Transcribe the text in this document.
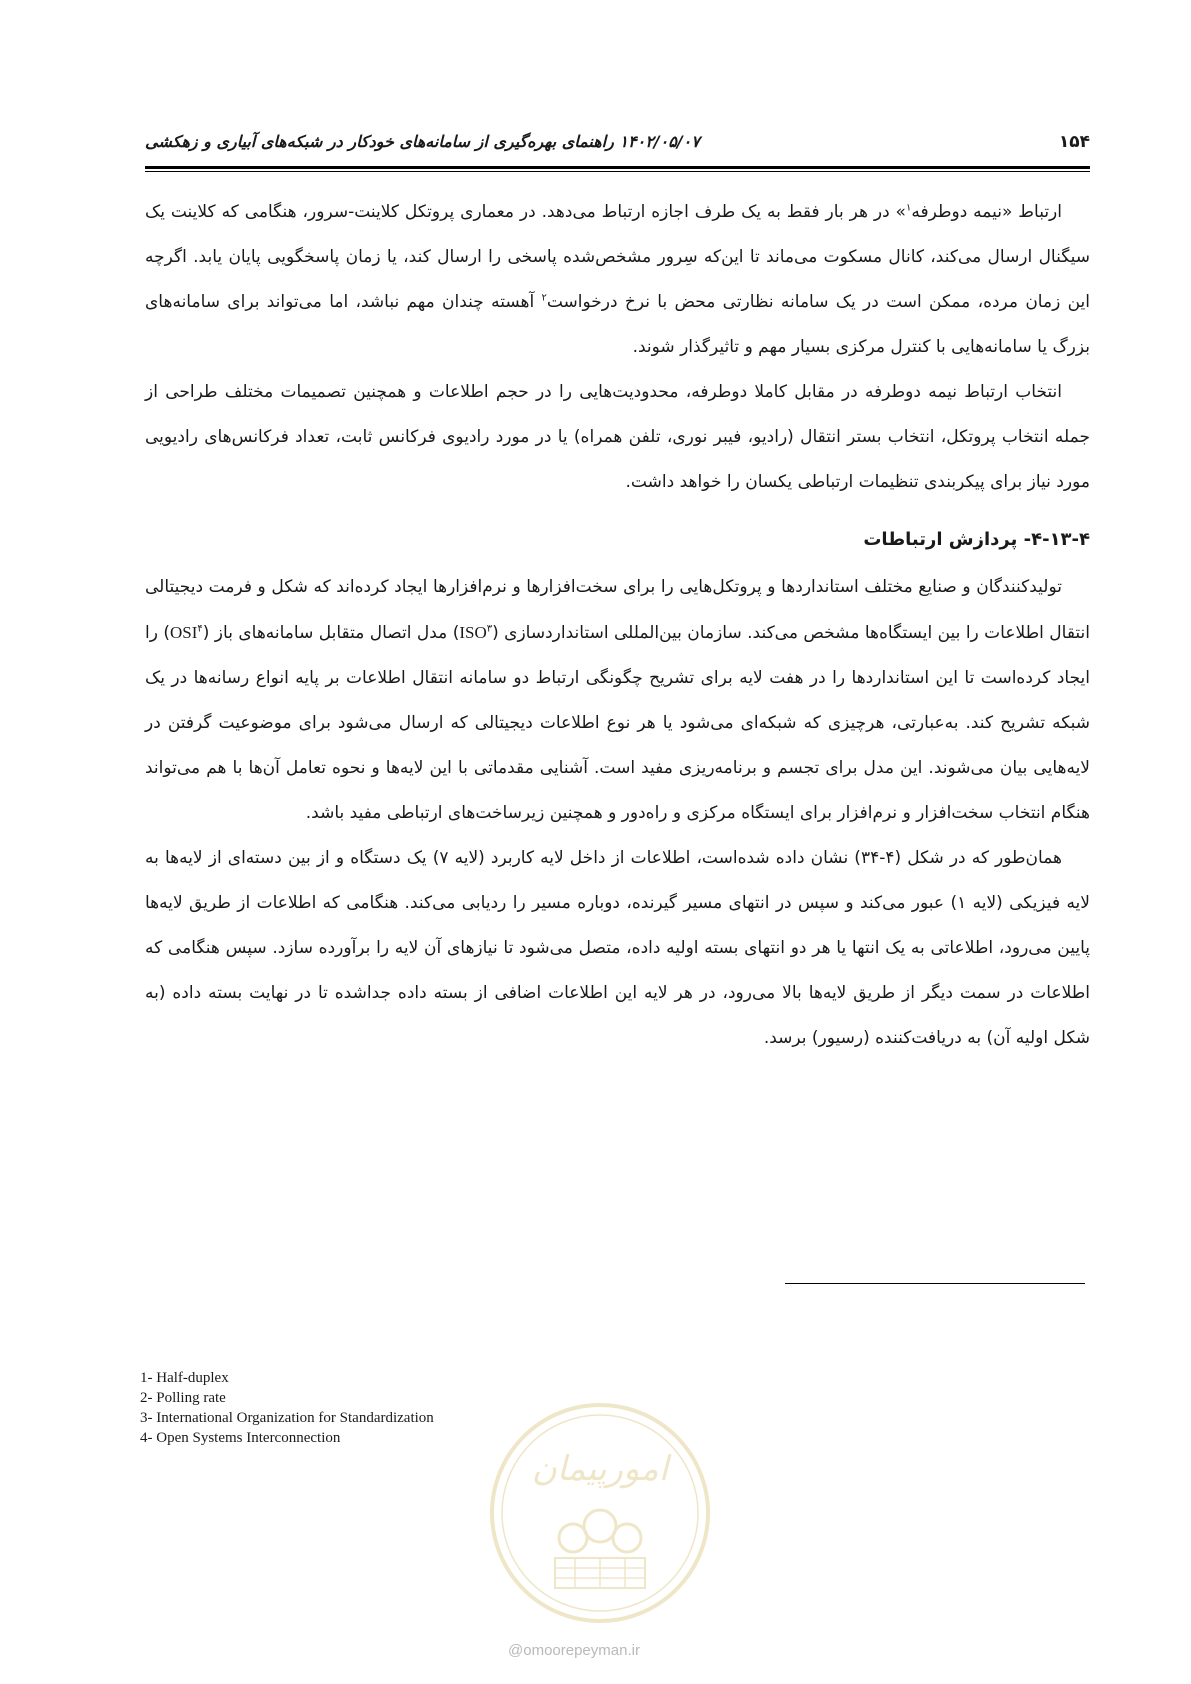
۱۵۴
۱۴۰۲/۰۵/۰۷ راهنمای بهره‌گیری از سامانه‌های خودکار در شبکه‌های آبیاری و زهکشی

ارتباط «نیمه دوطرفه$^۱$» در هر بار فقط به یک طرف اجازه ارتباط می‌دهد. در معماری پروتکل کلاینت-سرور، هنگامی که کلاینت یک سیگنال ارسال می‌کند، کانال مسکوت می‌ماند تا این‌که سِرور مشخص‌شده پاسخی را ارسال کند، یا زمان پاسخگویی پایان یابد. اگرچه این زمان مرده، ممکن است در یک سامانه نظارتی محض با نرخ درخواست$^۲$ آهسته چندان مهم نباشد، اما می‌تواند برای سامانه‌های بزرگ یا سامانه‌هایی با کنترل مرکزی بسیار مهم و تاثیرگذار شوند.

انتخاب ارتباط نیمه دوطرفه در مقابل کاملا دوطرفه، محدودیت‌هایی را در حجم اطلاعات و همچنین تصمیمات مختلف طراحی از جمله انتخاب پروتکل، انتخاب بستر انتقال (رادیو، فیبر نوری، تلفن همراه) یا در مورد رادیوی فرکانس ثابت، تعداد فرکانس‌های رادیویی مورد نیاز برای پیکربندی تنظیمات ارتباطی یکسان را خواهد داشت.

۴-۱۳-۴- پردازش ارتباطات

تولیدکنندگان و صنایع مختلف استانداردها و پروتکل‌هایی را برای سخت‌افزارها و نرم‌افزارها ایجاد کرده‌اند که شکل و فرمت دیجیتالی انتقال اطلاعات را بین ایستگاه‌ها مشخص می‌کند. سازمان بین‌المللی استانداردسازی (ISO$^۳$) مدل اتصال متقابل سامانه‌های باز (OSI$^۴$) را ایجاد کرده‌است تا این استانداردها را در هفت لایه برای تشریح چگونگی ارتباط دو سامانه انتقال اطلاعات بر پایه انواع رسانه‌ها در یک شبکه تشریح کند. به‌عبارتی، هرچیزی که شبکه‌ای می‌شود یا هر نوع اطلاعات دیجیتالی که ارسال می‌شود برای موضوعیت گرفتن در لایه‌هایی بیان می‌شوند. این مدل برای تجسم و برنامه‌ریزی مفید است. آشنایی مقدماتی با این لایه‌ها و نحوه تعامل آن‌ها با هم می‌تواند هنگام انتخاب سخت‌افزار و نرم‌افزار برای ایستگاه مرکزی و راه‌دور و همچنین زیرساخت‌های ارتباطی مفید باشد.

همان‌طور که در شکل (۴-۳۴) نشان داده شده‌است، اطلاعات از داخل لایه کاربرد (لایه ۷) یک دستگاه و از بین دسته‌ای از لایه‌ها به لایه فیزیکی (لایه ۱) عبور می‌کند و سپس در انتهای مسیر گیرنده، دوباره مسیر را ردیابی می‌کند. هنگامی که اطلاعات از طریق لایه‌ها پایین می‌رود، اطلاعاتی به یک انتها یا هر دو انتهای بسته اولیه داده، متصل می‌شود تا نیازهای آن لایه را برآورده سازد. سپس هنگامی که اطلاعات در سمت دیگر از طریق لایه‌ها بالا می‌رود، در هر لایه این اطلاعات اضافی از بسته داده جداشده تا در نهایت بسته داده (به شکل اولیه آن) به دریافت‌کننده (رسیور) برسد.

1- Half-duplex
2- Polling rate
3- International Organization for Standardization
4- Open Systems Interconnection
امورپیمان
@omoorepeyman.ir
